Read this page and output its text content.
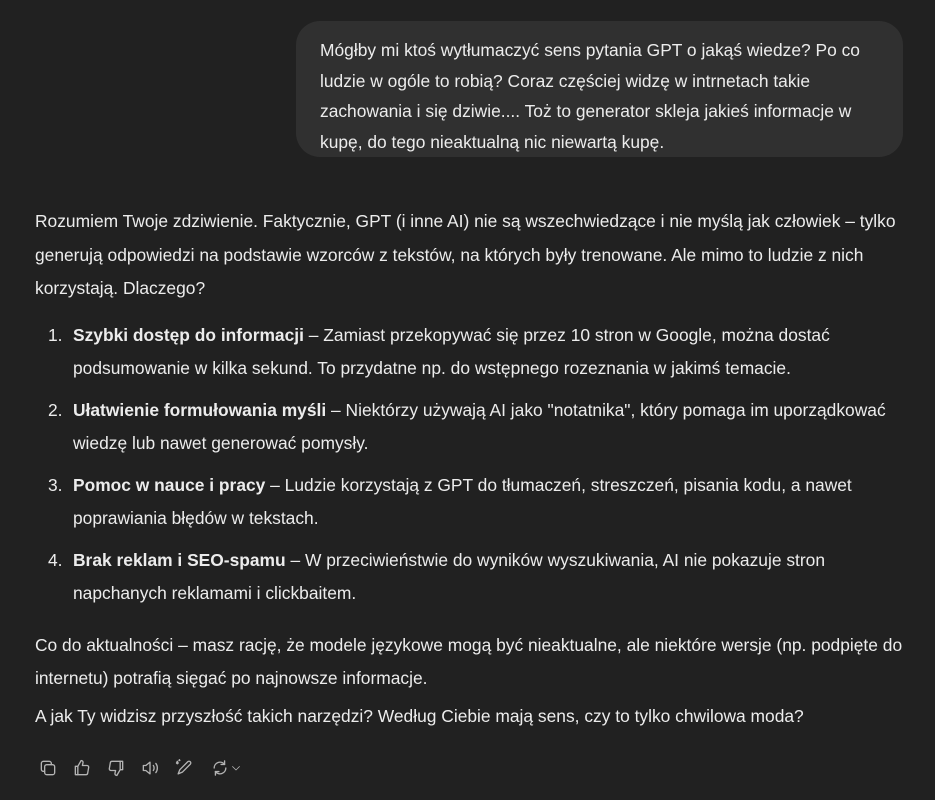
Mógłby mi ktoś wytłumaczyć sens pytania GPT o jakąś wiedze? Po co ludzie w ogóle to robią? Coraz częściej widzę w intrnetach takie zachowania i się dziwie.... Toż to generator skleja jakieś informacje w kupę, do tego nieaktualną nic niewartą kupę.

Rozumiem Twoje zdziwienie. Faktycznie, GPT (i inne AI) nie są wszechwiedzące i nie myślą jak człowiek – tylko generują odpowiedzi na podstawie wzorców z tekstów, na których były trenowane. Ale mimo to ludzie z nich korzystają. Dlaczego?

1. Szybki dostęp do informacji – Zamiast przekopywać się przez 10 stron w Google, można dostać podsumowanie w kilka sekund. To przydatne np. do wstępnego rozeznania w jakimś temacie.
2. Ułatwienie formułowania myśli – Niektórzy używają AI jako "notatnika", który pomaga im uporządkować wiedzę lub nawet generować pomysły.
3. Pomoc w nauce i pracy – Ludzie korzystają z GPT do tłumaczeń, streszczeń, pisania kodu, a nawet poprawiania błędów w tekstach.
4. Brak reklam i SEO-spamu – W przeciwieństwie do wyników wyszukiwania, AI nie pokazuje stron napchanych reklamami i clickbaitem.

Co do aktualności – masz rację, że modele językowe mogą być nieaktualne, ale niektóre wersje (np. podpięte do internetu) potrafią sięgać po najnowsze informacje.

A jak Ty widzisz przyszłość takich narzędzi? Według Ciebie mają sens, czy to tylko chwilowa moda?
